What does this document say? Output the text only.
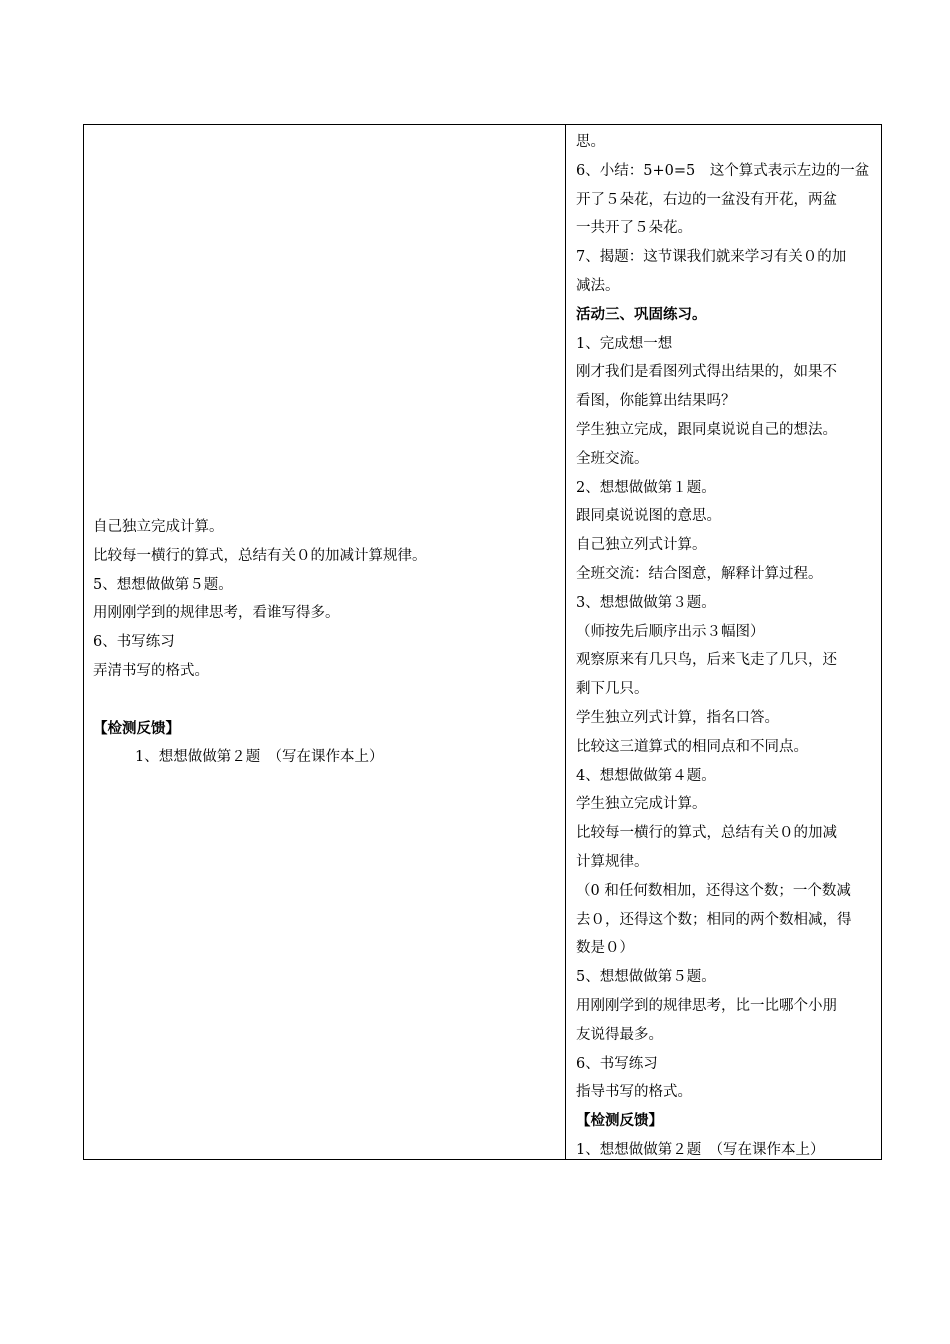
自己独立完成计算。
比较每一横行的算式，总结有关０的加减计算规律。
5、想想做做第５题。
用刚刚学到的规律思考，看谁写得多。
6、书写练习
弄清书写的格式。
【检测反馈】
1、想想做做第２题　（写在课作本上）
思。
6、小结：5+0=5　这个算式表示左边的一盆
开了５朵花，右边的一盆没有开花，两盆
一共开了５朵花。
7、揭题：这节课我们就来学习有关０的加
减法。
活动三、巩固练习。
1、完成想一想
刚才我们是看图列式得出结果的，如果不
看图，你能算出结果吗？
学生独立完成，跟同桌说说自己的想法。
全班交流。
2、想想做做第１题。
跟同桌说说图的意思。
自己独立列式计算。
全班交流：结合图意，解释计算过程。
3、想想做做第３题。
（师按先后顺序出示３幅图）
观察原来有几只鸟，后来飞走了几只，还
剩下几只。
学生独立列式计算，指名口答。
比较这三道算式的相同点和不同点。
4、想想做做第４题。
学生独立完成计算。
比较每一横行的算式，总结有关０的加减
计算规律。
（0 和任何数相加，还得这个数；一个数减
去０，还得这个数；相同的两个数相减，得
数是０）
5、想想做做第５题。
用刚刚学到的规律思考，比一比哪个小朋
友说得最多。
6、书写练习
指导书写的格式。
【检测反馈】
1、想想做做第２题　（写在课作本上）
